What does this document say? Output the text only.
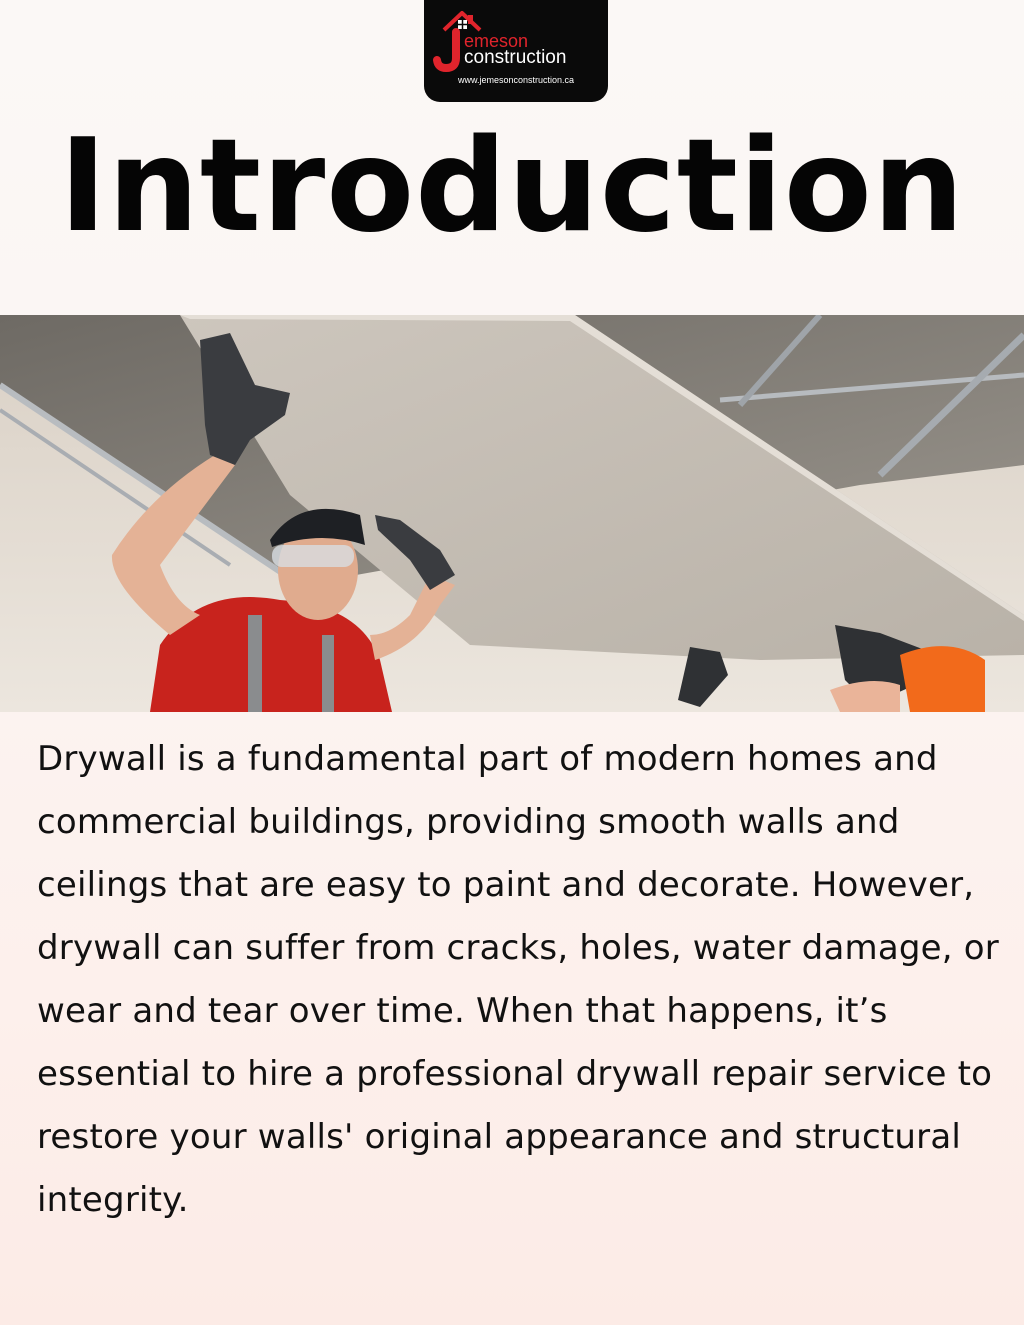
emeson
construction
www.jemesonconstruction.ca
Introduction

Drywall is a fundamental part of modern homes and commercial buildings, providing smooth walls and ceilings that are easy to paint and decorate. However, drywall can suffer from cracks, holes, water damage, or wear and tear over time. When that happens, it’s essential to hire a professional drywall repair service to restore your walls' original appearance and structural integrity.
